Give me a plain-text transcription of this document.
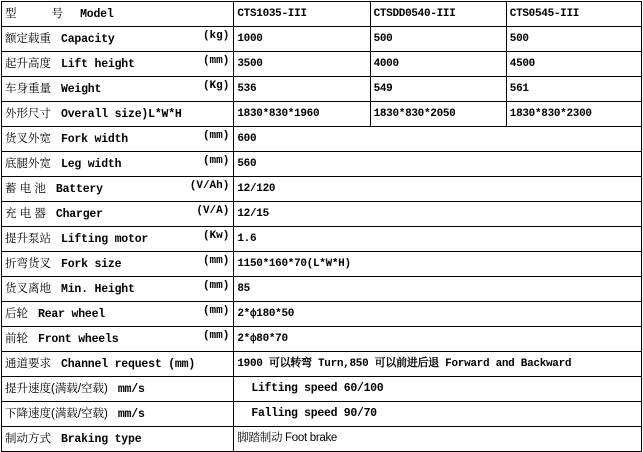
型　　号 Model	CTS1035-III	CTSDD0540-III	CTS0545-III
额定载重 Capacity (kg)	1000	500	500
起升高度 Lift height (mm)	3500	4000	4500
车身重量 Weight (Kg)	536	549	561
外形尺寸 Overall size)L*W*H	1830*830*1960	1830*830*2050	1830*830*2300
货叉外宽 Fork width (mm)	600		
底腿外宽 Leg width (mm)	560		
蓄 电 池 Battery (V/Ah)	12/120		
充 电 器 Charger (V/A)	12/15		
提升泵站 Lifting motor (Kw)	1.6		
折弯货叉 Fork size (mm)	1150*160*70(L*W*H)		
货叉离地 Min. Height (mm)	85		
后轮 Rear wheel (mm)	2*ф180*50		
前轮 Front wheels (mm)	2*ф80*70		
通道要求 Channel request (mm)	1900 可以转弯 Turn,850 可以前进后退 Forward and Backward		
提升速度(满载/空载) mm/s	Lifting speed 60/100		
下降速度(满载/空载) mm/s	Falling speed 90/70		
制动方式 Braking type	脚踏制动 Foot brake		
